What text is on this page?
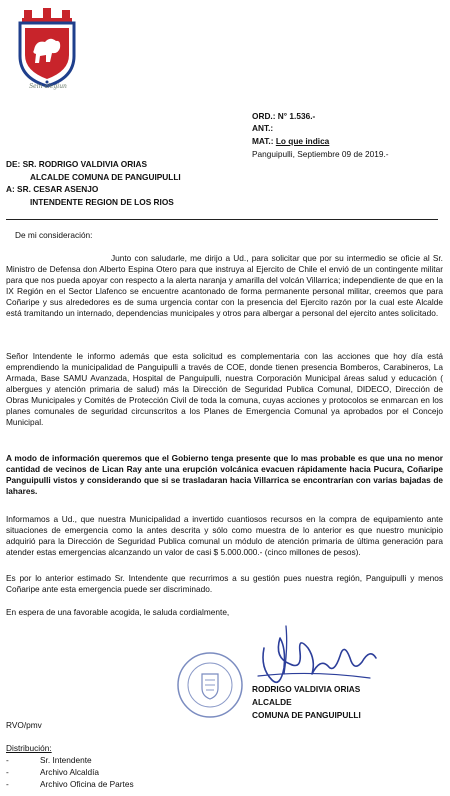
Sein elegiun
ORD.: N° 1.536.-
ANT.:
MAT.: Lo que indica
Panguipulli, Septiembre 09 de 2019.-
DE: SR. RODRIGO VALDIVIA ORIAS
ALCALDE COMUNA DE PANGUIPULLI
A: SR. CESAR ASENJO
INTENDENTE REGION DE LOS RIOS
De mi consideración:
Junto con saludarle, me dirijo a Ud., para solicitar que por su intermedio se oficie al Sr. Ministro de Defensa don Alberto Espina Otero para que instruya al Ejercito de Chile el envió de un contingente militar para que nos pueda apoyar con respecto a la alerta naranja y amarilla del volcán Villarrica; independiente de que en la IX Región en el Sector Llafenco se encuentre acantonado de forma permanente personal militar, creemos que para Coñaripe y sus alrededores es de suma urgencia contar con la presencia del Ejercito razón por la cual este Alcalde está tramitando un internado, dependencias municipales y otros para albergar a personal del ejercito antes solicitado.
Señor Intendente le informo además que esta solicitud es complementaria con las acciones que hoy día está emprendiendo la municipalidad de Panguipulli a través de COE, donde tienen presencia Bomberos, Carabineros, La Armada, Base SAMU Avanzada, Hospital de Panguipulli, nuestra Corporación Municipal áreas salud y educación ( albergues y atención primaria de salud) más la Dirección de Seguridad Publica Comunal, DIDECO, Dirección de Obras Municipales y Comités de Protección Civil de toda la comuna, cuyas acciones y protocolos se enmarcan en los planes comunales de seguridad circunscritos a los Planes de Emergencia Comunal ya aprobados por el Concejo Municipal.
A modo de información queremos que el Gobierno tenga presente que lo mas probable es que una no menor cantidad de vecinos de Lican Ray ante una erupción volcánica evacuen rápidamente hacia Pucura, Coñaripe Panguipulli vistos y considerando que si se trasladaran hacia Villarrica se encontrarían con varias bajadas de lahares.
Informamos a Ud., que nuestra Municipalidad a invertido cuantiosos recursos en la compra de equipamiento ante situaciones de emergencia como la antes descrita y sólo como muestra de lo anterior es que nuestro municipio adquirió para la Dirección de Seguridad Publica comunal un módulo de atención primaria de última generación para atender estas emergencias alcanzando un valor de casi $ 5.000.000.- (cinco millones de pesos).
Es por lo anterior estimado Sr. Intendente que recurrimos a su gestión pues nuestra región, Panguipulli y menos Coñaripe ante esta emergencia puede ser discriminado.
En espera de una favorable acogida, le saluda cordialmente,
RODRIGO VALDIVIA ORIAS
ALCALDE
COMUNA DE PANGUIPULLI
RVO/pmv
Distribución:
-	Sr. Intendente
-	Archivo Alcaldía
-	Archivo Oficina de Partes
